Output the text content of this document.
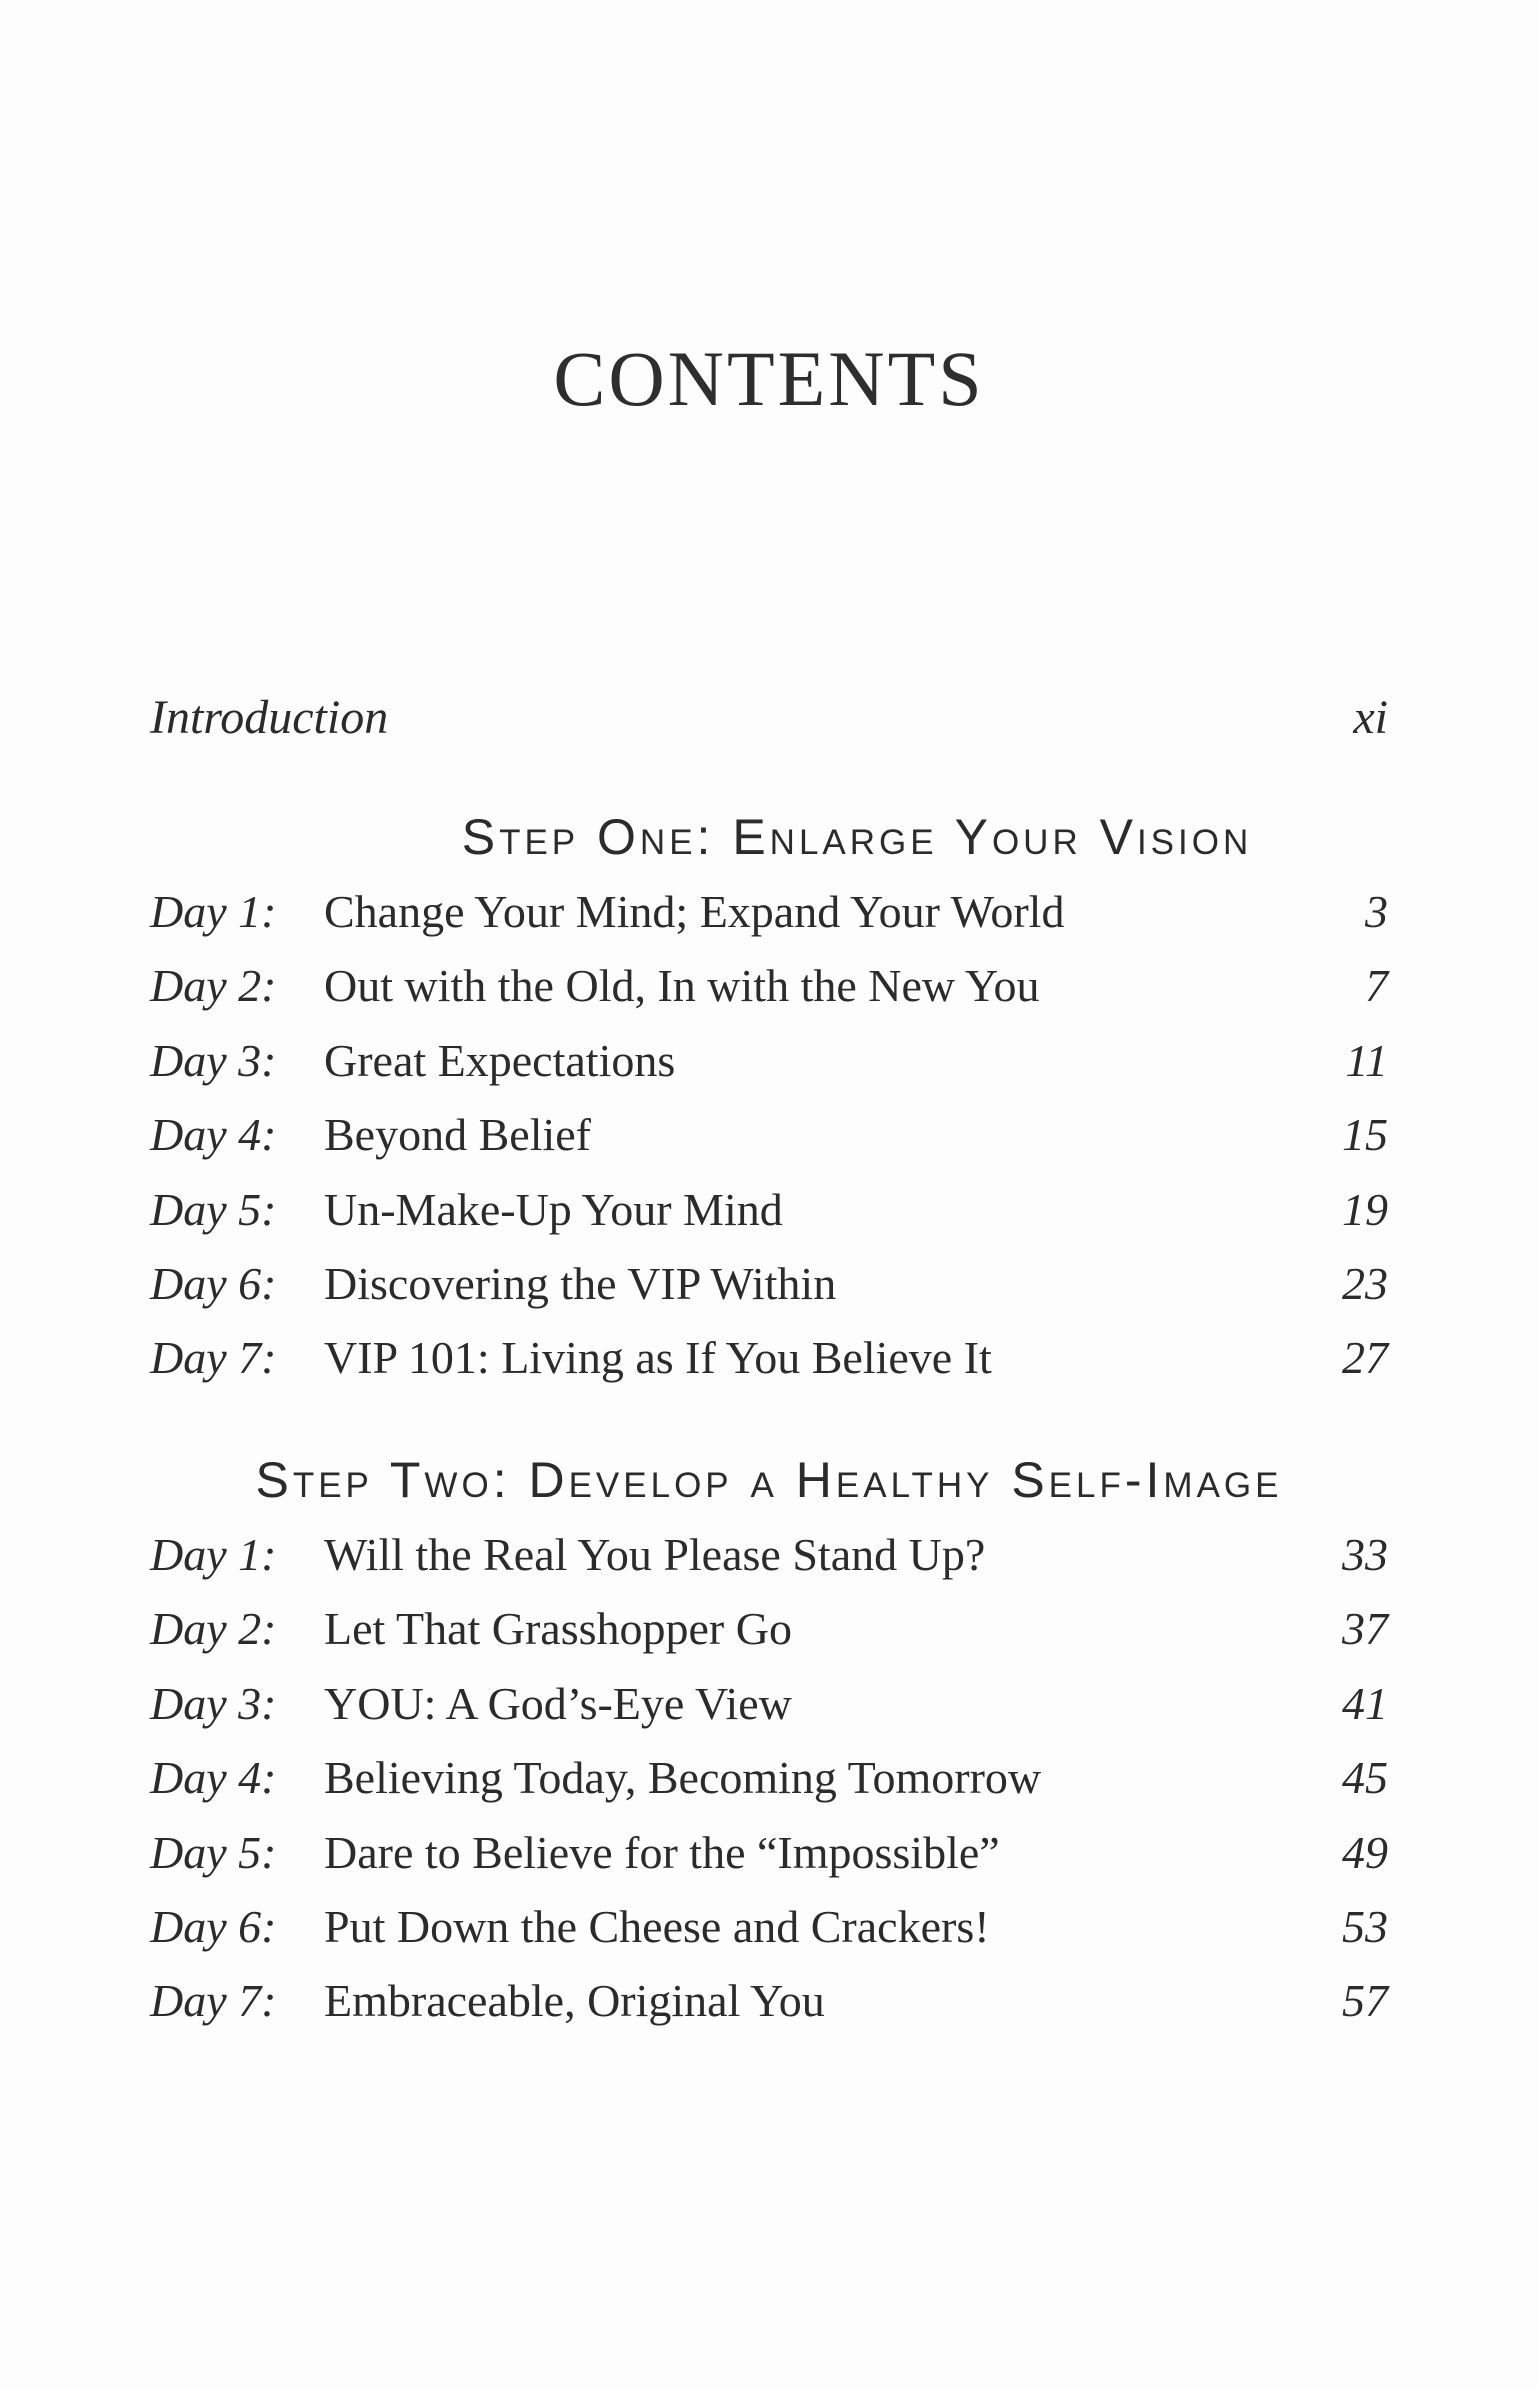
CONTENTS
Introduction	xi
Step One: Enlarge Your Vision
Day 1: Change Your Mind; Expand Your World	3
Day 2: Out with the Old, In with the New You	7
Day 3: Great Expectations	11
Day 4: Beyond Belief	15
Day 5: Un-Make-Up Your Mind	19
Day 6: Discovering the VIP Within	23
Day 7: VIP 101: Living as If You Believe It	27
Step Two: Develop a Healthy Self-Image
Day 1: Will the Real You Please Stand Up?	33
Day 2: Let That Grasshopper Go	37
Day 3: YOU: A God’s-Eye View	41
Day 4: Believing Today, Becoming Tomorrow	45
Day 5: Dare to Believe for the “Impossible”	49
Day 6: Put Down the Cheese and Crackers!	53
Day 7: Embraceable, Original You	57
